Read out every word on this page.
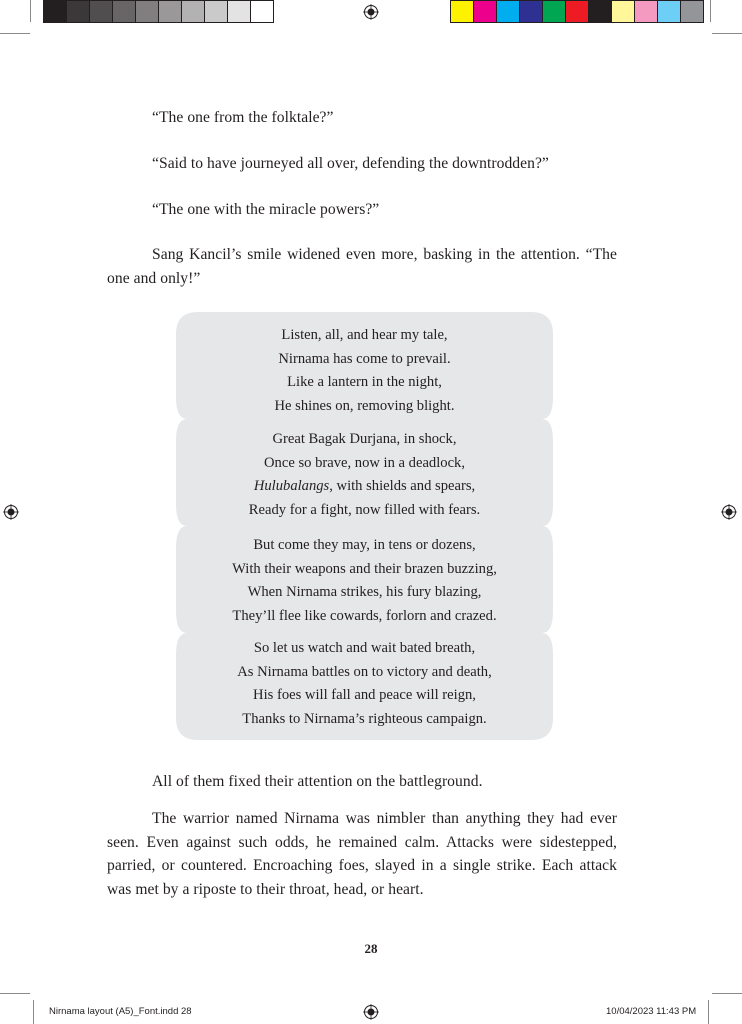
“The one from the folktale?”

“Said to have journeyed all over, defending the downtrodden?”

“The one with the miracle powers?”

Sang Kancil’s smile widened even more, basking in the attention. “The one and only!”

Listen, all, and hear my tale,
Nirnama has come to prevail.
Like a lantern in the night,
He shines on, removing blight.
Great Bagak Durjana, in shock,
Once so brave, now in a deadlock,
Hulubalangs, with shields and spears,
Ready for a fight, now filled with fears.
But come they may, in tens or dozens,
With their weapons and their brazen buzzing,
When Nirnama strikes, his fury blazing,
They’ll flee like cowards, forlorn and crazed.
So let us watch and wait bated breath,
As Nirnama battles on to victory and death,
His foes will fall and peace will reign,
Thanks to Nirnama’s righteous campaign.

All of them fixed their attention on the battleground.

The warrior named Nirnama was nimbler than anything they had ever seen. Even against such odds, he remained calm. Attacks were sidestepped, parried, or countered. Encroaching foes, slayed in a single strike. Each attack was met by a riposte to their throat, head, or heart.

28
Nirnama layout (A5)_Font.indd 28	10/04/2023 11:43 PM
